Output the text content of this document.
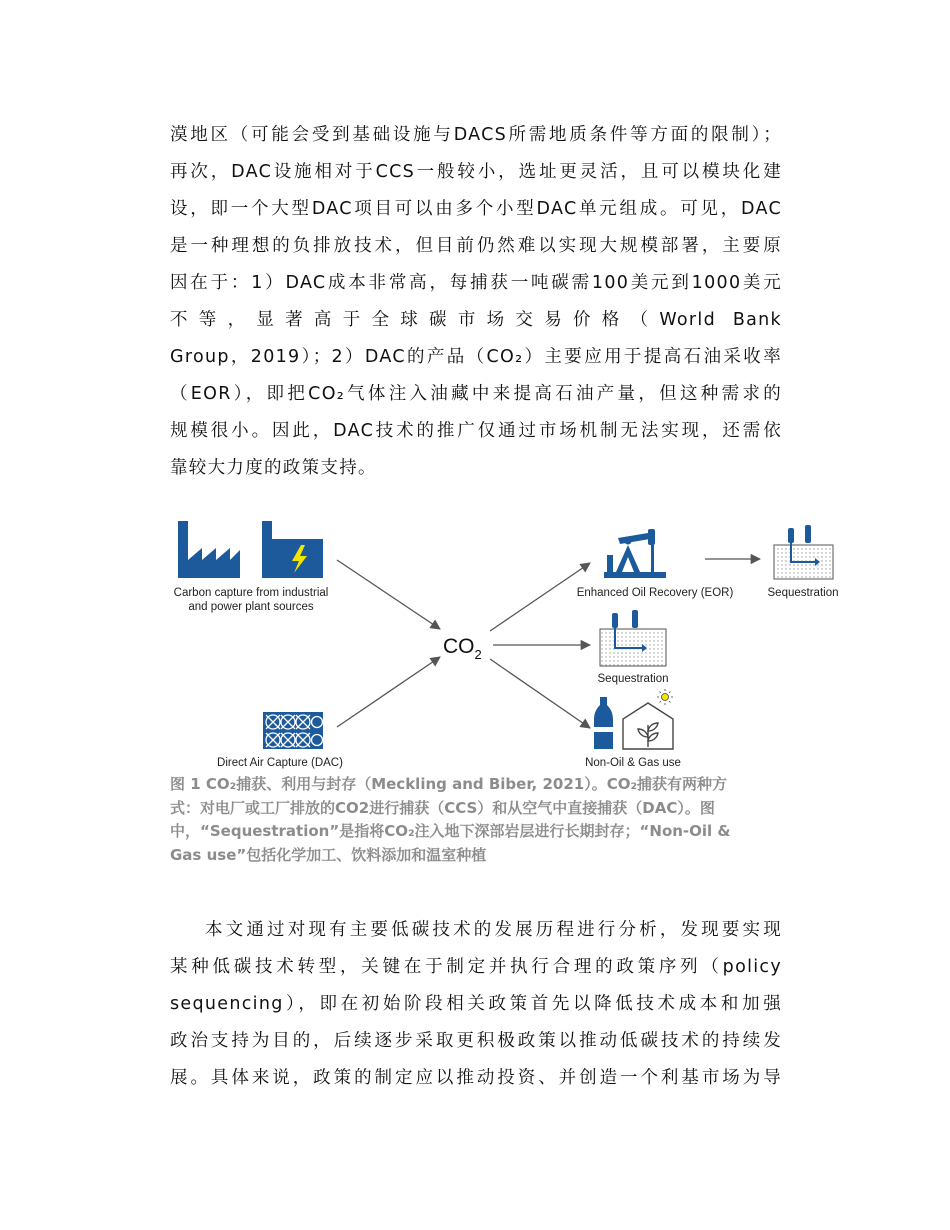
漠地区（可能会受到基础设施与DACS所需地质条件等方面的限制）；
再次，DAC设施相对于CCS一般较小，选址更灵活，且可以模块化建
设，即一个大型DAC项目可以由多个小型DAC单元组成。可见，DAC
是一种理想的负排放技术，但目前仍然难以实现大规模部署，主要原
因在于：1）DAC成本非常高，每捕获一吨碳需100美元到1000美元
不等，显著高于全球碳市场交易价格（World Bank
Group，2019）；2）DAC的产品（CO₂）主要应用于提高石油采收率
（EOR），即把CO₂气体注入油藏中来提高石油产量，但这种需求的
规模很小。因此，DAC技术的推广仅通过市场机制无法实现，还需依
靠较大力度的政策支持。
Carbon capture from industrial
and power plant sources
Direct Air Capture (DAC)
$CO_2$
Enhanced Oil Recovery (EOR)	Sequestration
Sequestration
Non-Oil & Gas use
图 1 CO₂捕获、利用与封存（Meckling and Biber, 2021）。CO₂捕获有两种方
式：对电厂或工厂排放的CO2进行捕获（CCS）和从空气中直接捕获（DAC）。图
中，“Sequestration”是指将CO₂注入地下深部岩层进行长期封存；“Non-Oil &
Gas use”包括化学加工、饮料添加和温室种植
本文通过对现有主要低碳技术的发展历程进行分析，发现要实现
某种低碳技术转型，关键在于制定并执行合理的政策序列（policy
sequencing），即在初始阶段相关政策首先以降低技术成本和加强
政治支持为目的，后续逐步采取更积极政策以推动低碳技术的持续发
展。具体来说，政策的制定应以推动投资、并创造一个利基市场为导
